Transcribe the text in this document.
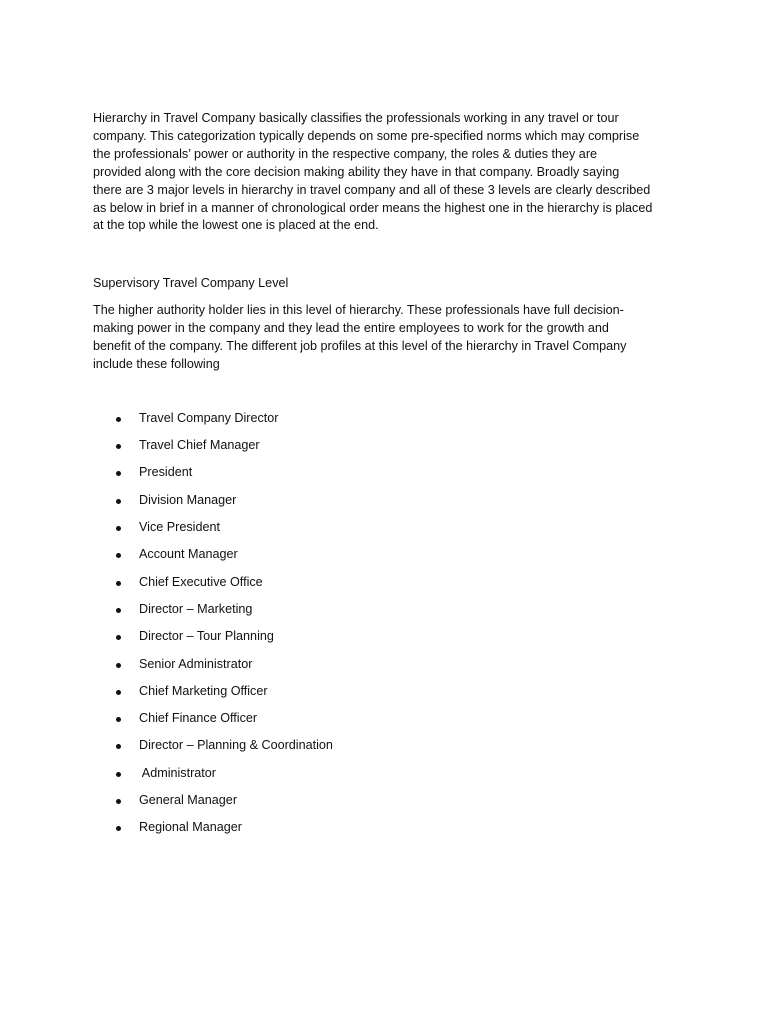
Hierarchy in Travel Company basically classifies the professionals working in any travel or tour
company. This categorization typically depends on some pre-specified norms which may comprise
the professionals’ power or authority in the respective company, the roles & duties they are
provided along with the core decision making ability they have in that company. Broadly saying
there are 3 major levels in hierarchy in travel company and all of these 3 levels are clearly described
as below in brief in a manner of chronological order means the highest one in the hierarchy is placed
at the top while the lowest one is placed at the end.
Supervisory Travel Company Level
The higher authority holder lies in this level of hierarchy. These professionals have full decision-
making power in the company and they lead the entire employees to work for the growth and
benefit of the company. The different job profiles at this level of the hierarchy in Travel Company
include these following
Travel Company Director
Travel Chief Manager
President
Division Manager
Vice President
Account Manager
Chief Executive Office
Director – Marketing
Director – Tour Planning
Senior Administrator
Chief Marketing Officer
Chief Finance Officer
Director – Planning & Coordination
Administrator
General Manager
Regional Manager
